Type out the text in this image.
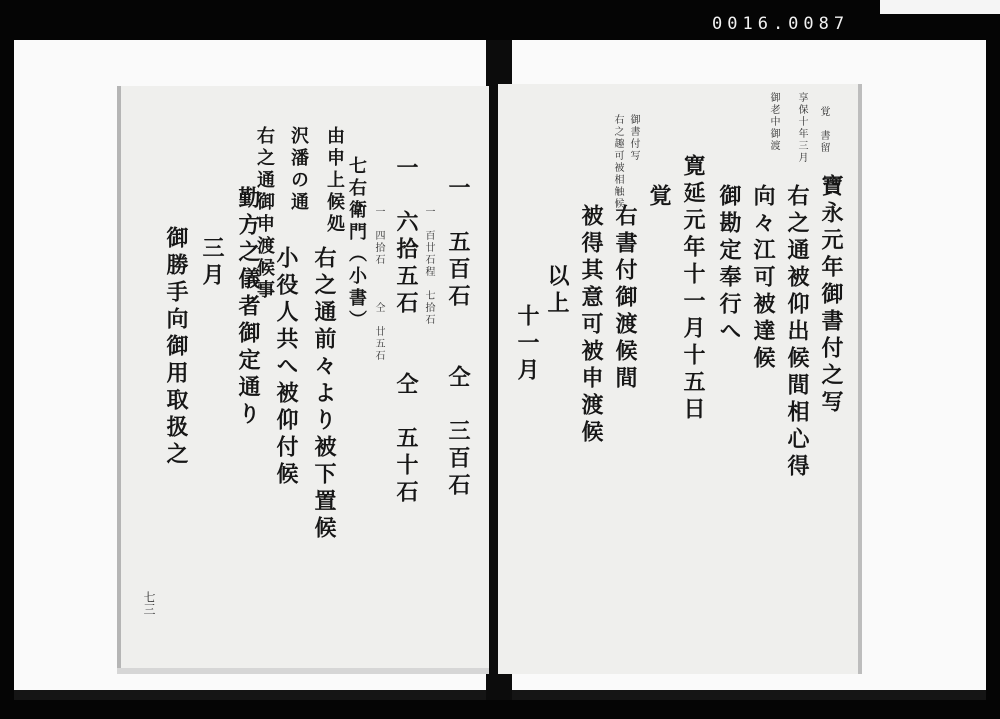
0016.0087
一　五百石　　仝　三百石
一　百廿石程　七拾石
一　六拾五石　　仝　五十石
一　四拾石　　　仝　廿五石
七右衛門（小書）
右之通前々より被下置候
小役人共へ被仰付候
勤方之儀者御定通り
三月
御勝手向御用取扱之
由申上候処
沢潘の通
右之通御申渡候事
七三
覚　書留
享保十年三月
御老中御渡
寶永元年御書付之写
右之通被仰出候間相心得
向々江可被達候
御勘定奉行へ
寛延元年十一月十五日
覚
右書付御渡候間
被得其意可被申渡候
以上
十一月
御書付写
右之趣可被相触候
